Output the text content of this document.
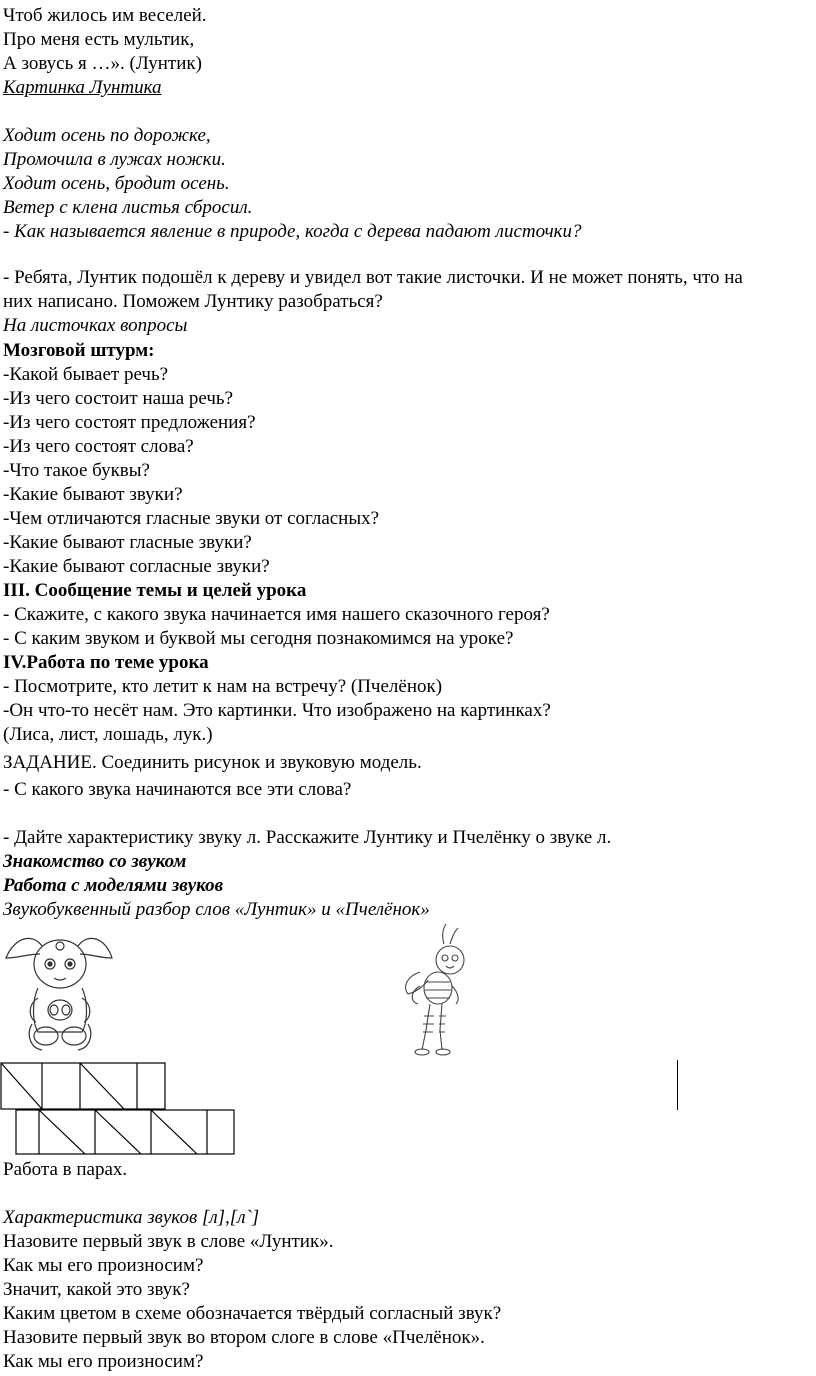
Чтоб жилось им веселей.
Про меня есть мультик,
А зовусь я …». (Лунтик)
Картинка Лунтика
Ходит осень по дорожке,
Промочила в лужах ножки.
Ходит осень, бродит осень.
Ветер с клена листья сбросил.
- Как называется явление в природе, когда с дерева падают листочки?
- Ребята, Лунтик подошёл к дереву и увидел вот такие листочки. И не может понять, что на
них написано. Поможем Лунтику разобраться?
На листочках вопросы
Мозговой штурм:
-Какой бывает речь?
-Из чего состоит наша речь?
-Из чего состоят предложения?
-Из чего состоят слова?
-Что такое буквы?
-Какие бывают звуки?
-Чем отличаются гласные звуки от согласных?
-Какие бывают гласные звуки?
-Какие бывают согласные звуки?
III. Сообщение темы и целей урока
- Скажите, с какого звука начинается имя нашего сказочного героя?
- С каким звуком и буквой мы сегодня познакомимся на уроке?
IV.Работа по теме урока
- Посмотрите, кто летит к нам на встречу? (Пчелёнок)
-Он что-то несёт нам. Это картинки. Что изображено на картинках?
(Лиса, лист, лошадь, лук.)
ЗАДАНИЕ. Соединить рисунок и звуковую модель.
- С какого звука начинаются все эти слова?
- Дайте характеристику звуку л. Расскажите Лунтику и Пчелёнку о звуке л.
Знакомство со звуком
Работа с моделями звуков
Звукобуквенный разбор слов «Лунтик» и «Пчелёнок»
Работа в парах.
Характеристика звуков [л],[л`]
Назовите первый звук в слове «Лунтик».
Как мы его произносим?
Значит, какой это звук?
Каким цветом в схеме обозначается твёрдый согласный звук?
Назовите первый звук во втором слоге в слове «Пчелёнок».
Как мы его произносим?
